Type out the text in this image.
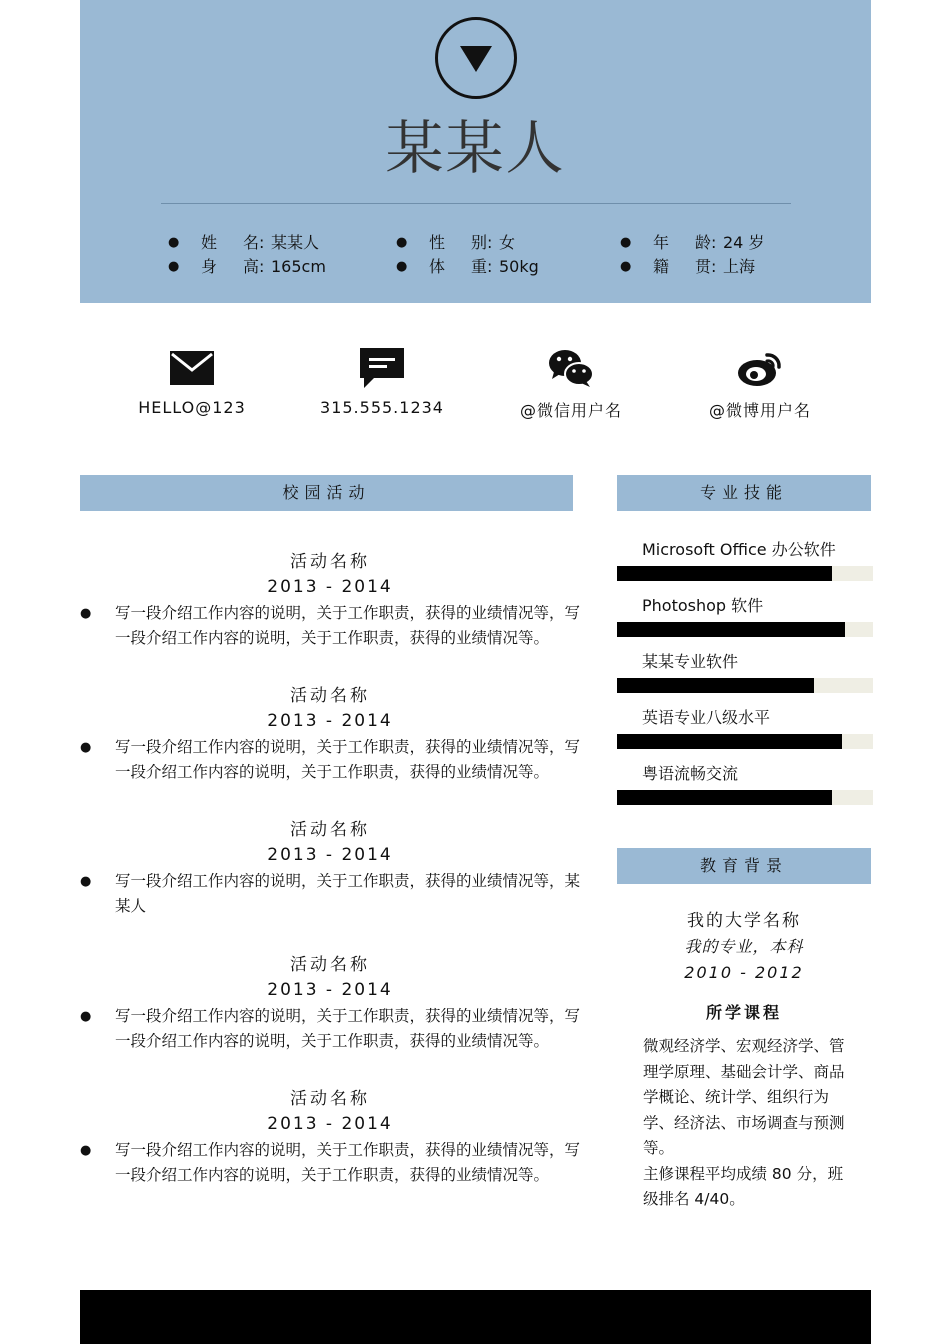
某某人
● 姓 名 : 某某人	● 性 别 : 女	● 年 龄 : 24 岁
● 身 高 : 165cm	● 体 重 : 50kg	● 籍 贯 : 上海
HELLO@123	315.555.1234	@微信用户名	@微博用户名
校园活动
活动名称
2013 - 2014
● 写一段介绍工作内容的说明，关于工作职责，获得的业绩情况等，写一段介绍工作内容的说明，关于工作职责，获得的业绩情况等。
活动名称
2013 - 2014
● 写一段介绍工作内容的说明，关于工作职责，获得的业绩情况等，写一段介绍工作内容的说明，关于工作职责，获得的业绩情况等。
活动名称
2013 - 2014
● 写一段介绍工作内容的说明，关于工作职责，获得的业绩情况等，某某人
活动名称
2013 - 2014
● 写一段介绍工作内容的说明，关于工作职责，获得的业绩情况等，写一段介绍工作内容的说明，关于工作职责，获得的业绩情况等。
活动名称
2013 - 2014
● 写一段介绍工作内容的说明，关于工作职责，获得的业绩情况等，写一段介绍工作内容的说明，关于工作职责，获得的业绩情况等。
专业技能
Microsoft Office 办公软件
Photoshop 软件
某某专业软件
英语专业八级水平
粤语流畅交流
教育背景
我的大学名称
我的专业，本科
2010 - 2012
所学课程
微观经济学、宏观经济学、管理学原理、基础会计学、商品学概论、统计学、组织行为学、经济法、市场调查与预测等。
主修课程平均成绩 80 分，班级排名 4/40。
